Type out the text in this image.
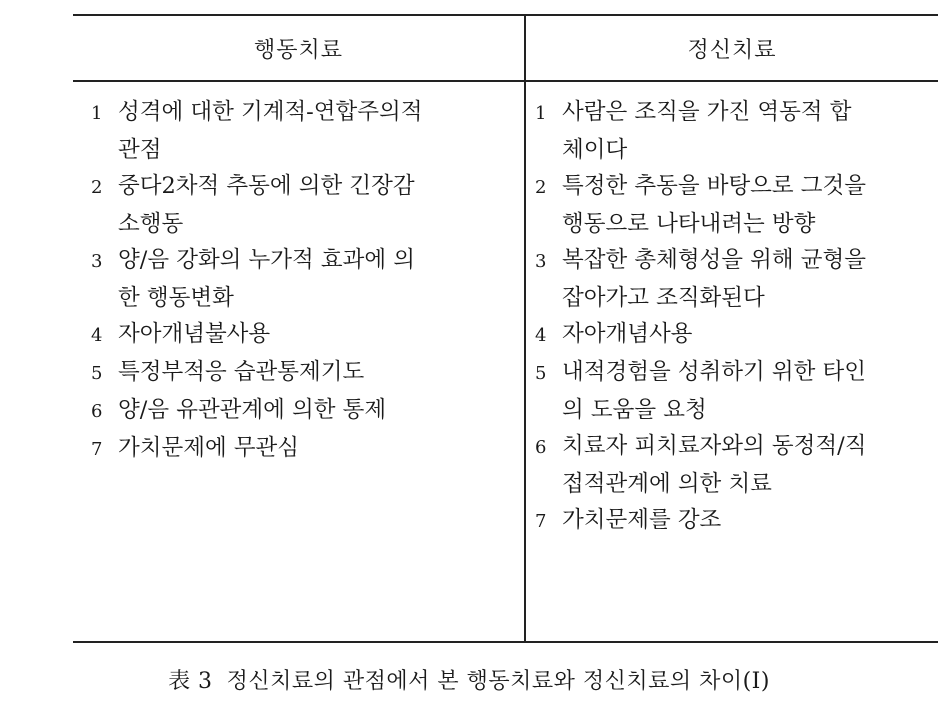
행동치료	정신치료
1 성격에 대한 기계적-연합주의적
관점
2 중다2차적 추동에 의한 긴장감
소행동
3 양/음 강화의 누가적 효과에 의
한 행동변화
4 자아개념불사용
5 특정부적응 습관통제기도
6 양/음 유관관계에 의한 통제
7 가치문제에 무관심
1 사람은 조직을 가진 역동적 합
체이다
2 특정한 추동을 바탕으로 그것을
행동으로 나타내려는 방향
3 복잡한 총체형성을 위해 균형을
잡아가고 조직화된다
4 자아개념사용
5 내적경험을 성취하기 위한 타인
의 도움을 요청
6 치료자 피치료자와의 동정적/직
접적관계에 의한 치료
7 가치문제를 강조
表 3 정신치료의 관점에서 본 행동치료와 정신치료의 차이(Ⅰ)
